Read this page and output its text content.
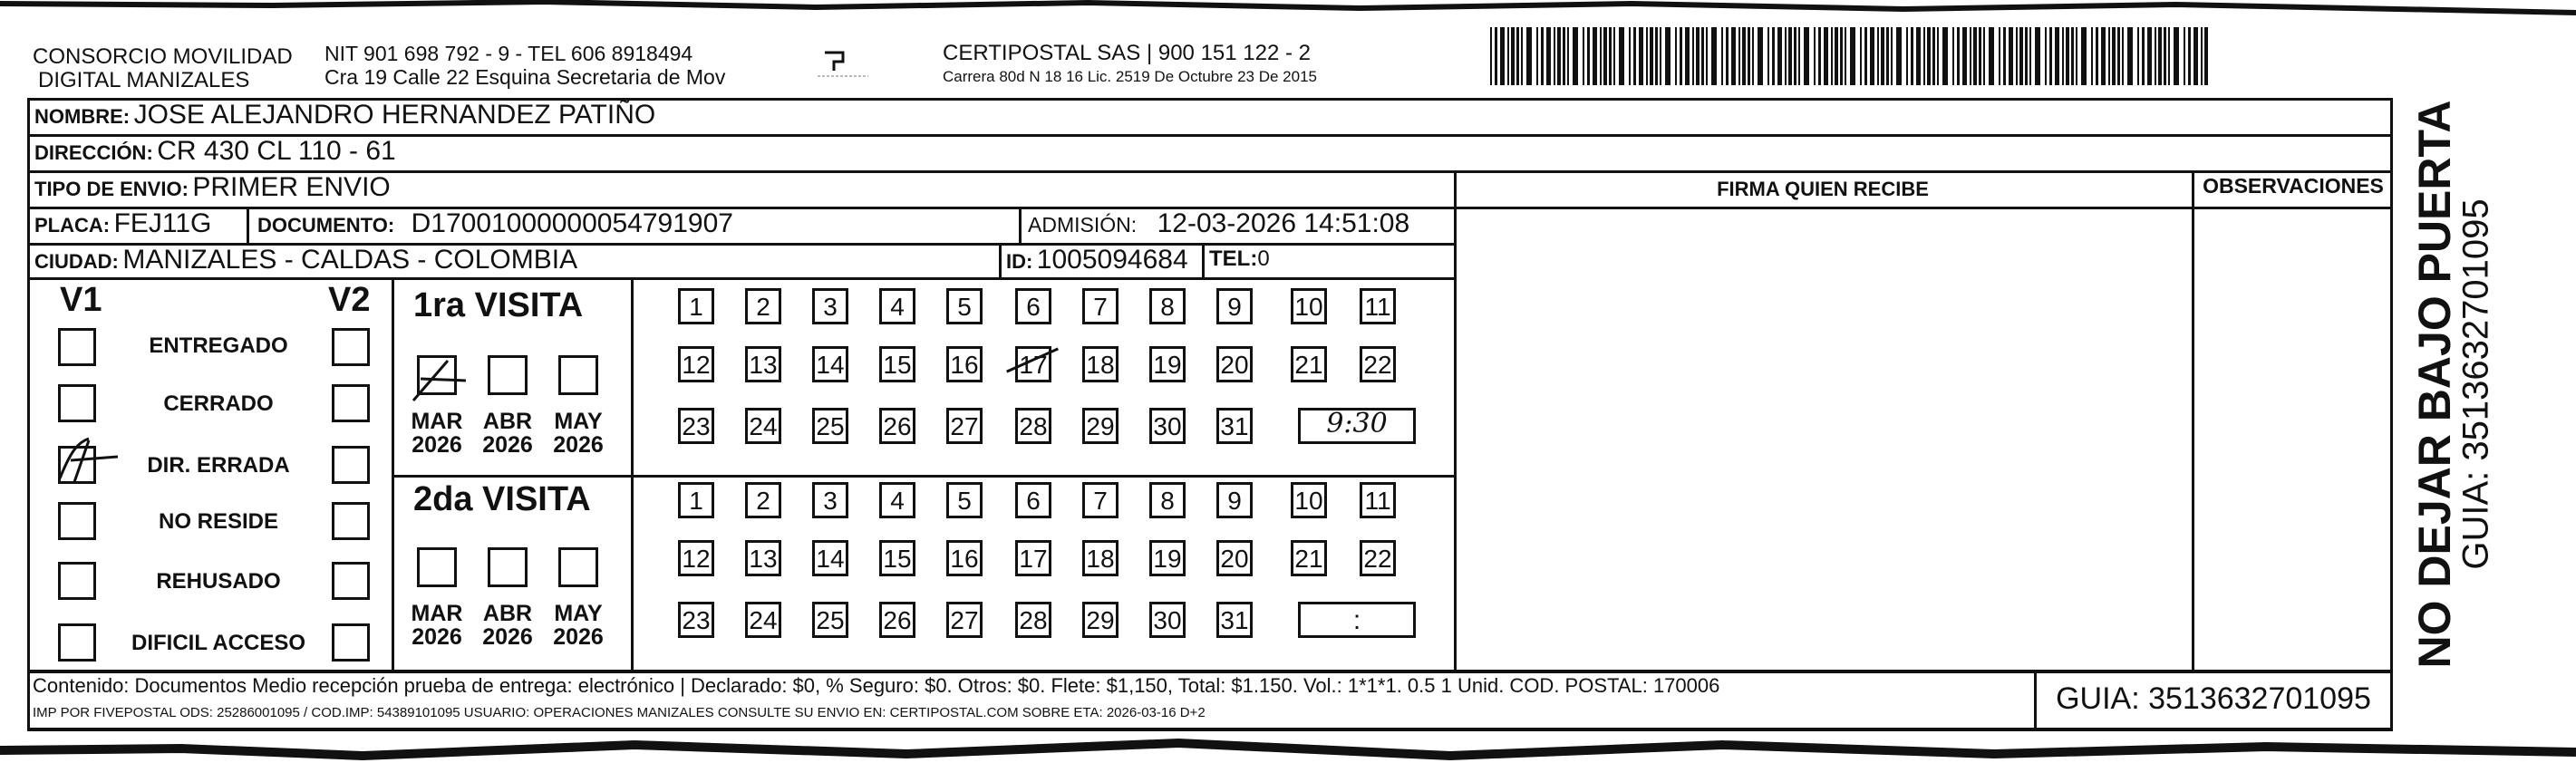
CONSORCIO MOVILIDAD
DIGITAL MANIZALES
NIT 901 698 792 - 9 - TEL 606 8918494
Cra 19 Calle 22 Esquina Secretaria de Mov
CERTIPOSTAL SAS | 900 151 122 - 2
Carrera 80d N 18 16 Lic. 2519 De Octubre 23 De 2015
NOMBRE: JOSE ALEJANDRO HERNANDEZ PATIÑO
DIRECCIÓN: CR 430 CL 110 - 61
TIPO DE ENVIO: PRIMER ENVIO	FIRMA QUIEN RECIBE	OBSERVACIONES
PLACA: FEJ11G DOCUMENTO: D17001000000054791907	ADMISIÓN: 12-03-2026 14:51:08
CIUDAD: MANIZALES - CALDAS - COLOMBIA	ID: 1005094684 TEL:0
V1	V2
ENTREGADO
CERRADO
DIR. ERRADA
NO RESIDE
REHUSADO
DIFICIL ACCESO
1ra VISITA
2da VISITA
MAR
2026
ABR
2026
MAY
2026
MAR
2026
ABR
2026
MAY
2026
1	2	3	4	5	6	7	8	9	10 11
12 13 14 15 16 17 18 19 20 21 22
23 24 25 26 27 28 29 30 31	9:30
1	2	3	4	5	6	7	8	9	10 11
12 13 14 15 16 17 18 19 20 21 22
23 24 25 26 27 28 29 30 31	:
Contenido: Documentos Medio recepción prueba de entrega: electrónico | Declarado: $0, % Seguro: $0. Otros: $0. Flete: $1,150, Total: $1.150. Vol.: 1*1*1. 0.5 1 Unid. COD. POSTAL: 170006
IMP POR FIVEPOSTAL ODS: 25286001095 / COD.IMP: 54389101095 USUARIO: OPERACIONES MANIZALES CONSULTE SU ENVIO EN: CERTIPOSTAL.COM SOBRE ETA: 2026-03-16 D+2	GUIA: 3513632701095
NO DEJAR BAJO PUERTA
GUIA: 3513632701095
